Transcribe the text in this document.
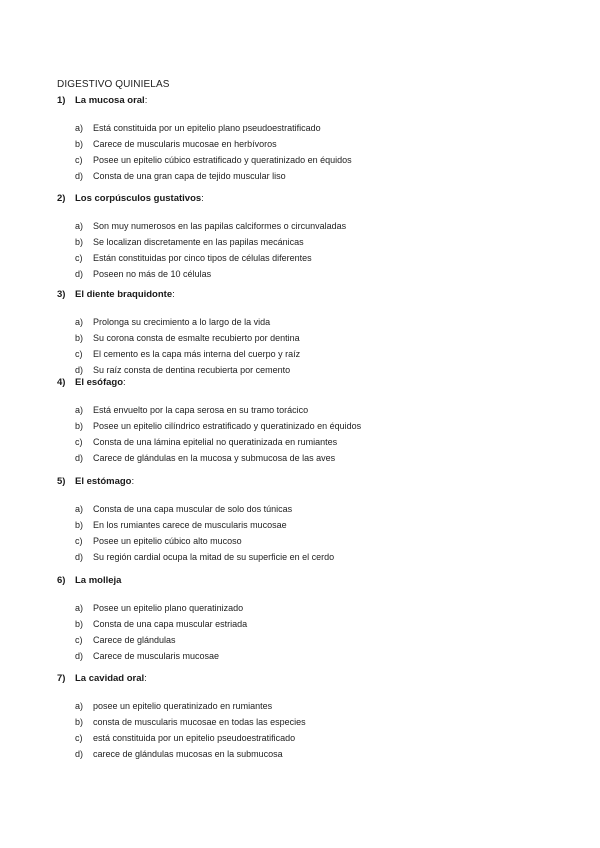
DIGESTIVO QUINIELAS
1)	La mucosa oral:
a)	Está constituida por un epitelio plano pseudoestratificado
b)	Carece de muscularis mucosae en herbívoros
c)	Posee un epitelio cúbico estratificado y queratinizado en équidos
d)	Consta de una gran capa de tejido muscular liso
2)	Los corpúsculos gustativos:
a)	Son muy numerosos en las papilas calciformes o circunvaladas
b)	Se localizan discretamente en las papilas mecánicas
c)	Están constituidas por cinco tipos de células diferentes
d)	Poseen no más de 10 células
3)	El diente braquidonte:
a)	Prolonga su crecimiento a lo largo de la vida
b)	Su corona consta de esmalte recubierto por dentina
c)	El cemento es la capa más interna del cuerpo y raíz
d)	Su raíz consta de dentina recubierta por cemento
4)	El esófago:
a)	Está envuelto por la capa serosa en su tramo torácico
b)	Posee un epitelio cilíndrico estratificado y queratinizado en équidos
c)	Consta de una lámina epitelial no queratinizada en rumiantes
d)	Carece de glándulas en la mucosa y submucosa de las aves
5)	El estómago:
a)	Consta de una capa muscular de solo dos túnicas
b)	En los rumiantes carece de muscularis mucosae
c)	Posee un epitelio cúbico alto mucoso
d)	Su región cardial ocupa la mitad de su superficie en el cerdo
6)	La molleja
a)	Posee un epitelio plano queratinizado
b)	Consta de una capa muscular estriada
c)	Carece de glándulas
d)	Carece de muscularis mucosae
7)	La cavidad oral:
a)	posee un epitelio queratinizado en rumiantes
b)	consta de muscularis mucosae en todas las especies
c)	está constituida por un epitelio pseudoestratificado
d)	carece de glándulas mucosas en la submucosa
